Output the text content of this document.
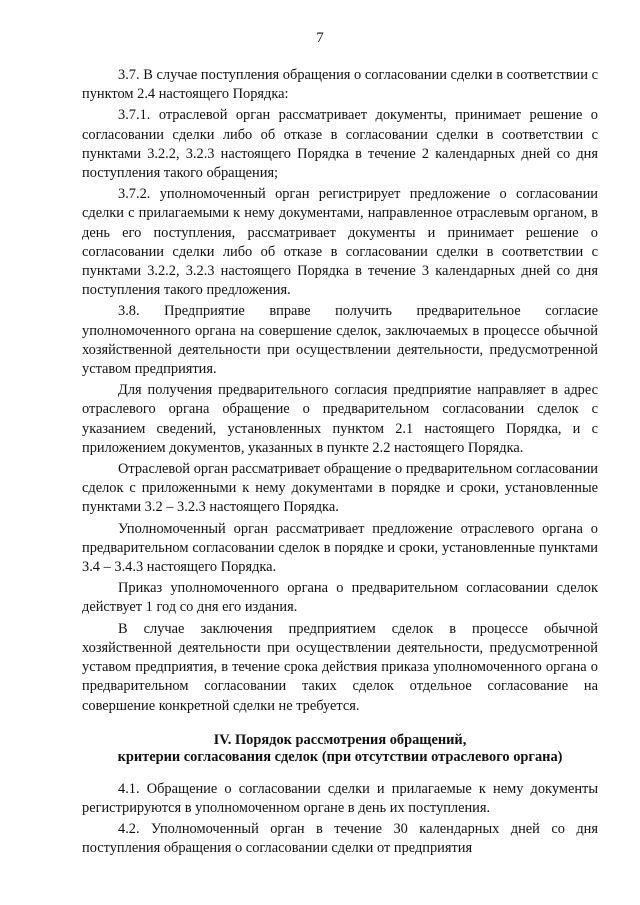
7

3.7. В случае поступления обращения о согласовании сделки в соответствии с пунктом 2.4 настоящего Порядка:

3.7.1. отраслевой орган рассматривает документы, принимает решение о согласовании сделки либо об отказе в согласовании сделки в соответствии с пунктами 3.2.2, 3.2.3 настоящего Порядка в течение 2 календарных дней со дня поступления такого обращения;

3.7.2. уполномоченный орган регистрирует предложение о согласовании сделки с прилагаемыми к нему документами, направленное отраслевым органом, в день его поступления, рассматривает документы и принимает решение о согласовании сделки либо об отказе в согласовании сделки в соответствии с пунктами 3.2.2, 3.2.3 настоящего Порядка в течение 3 календарных дней со дня поступления такого предложения.

3.8. Предприятие вправе получить предварительное согласие уполномоченного органа на совершение сделок, заключаемых в процессе обычной хозяйственной деятельности при осуществлении деятельности, предусмотренной уставом предприятия.

Для получения предварительного согласия предприятие направляет в адрес отраслевого органа обращение о предварительном согласовании сделок с указанием сведений, установленных пунктом 2.1 настоящего Порядка, и с приложением документов, указанных в пункте 2.2 настоящего Порядка.

Отраслевой орган рассматривает обращение о предварительном согласовании сделок с приложенными к нему документами в порядке и сроки, установленные пунктами 3.2 – 3.2.3 настоящего Порядка.

Уполномоченный орган рассматривает предложение отраслевого органа о предварительном согласовании сделок в порядке и сроки, установленные пунктами 3.4 – 3.4.3 настоящего Порядка.

Приказ уполномоченного органа о предварительном согласовании сделок действует 1 год со дня его издания.

В случае заключения предприятием сделок в процессе обычной хозяйственной деятельности при осуществлении деятельности, предусмотренной уставом предприятия, в течение срока действия приказа уполномоченного органа о предварительном согласовании таких сделок отдельное согласование на совершение конкретной сделки не требуется.

IV. Порядок рассмотрения обращений,
критерии согласования сделок (при отсутствии отраслевого органа)

4.1. Обращение о согласовании сделки и прилагаемые к нему документы регистрируются в уполномоченном органе в день их поступления.

4.2. Уполномоченный орган в течение 30 календарных дней со дня поступления обращения о согласовании сделки от предприятия
